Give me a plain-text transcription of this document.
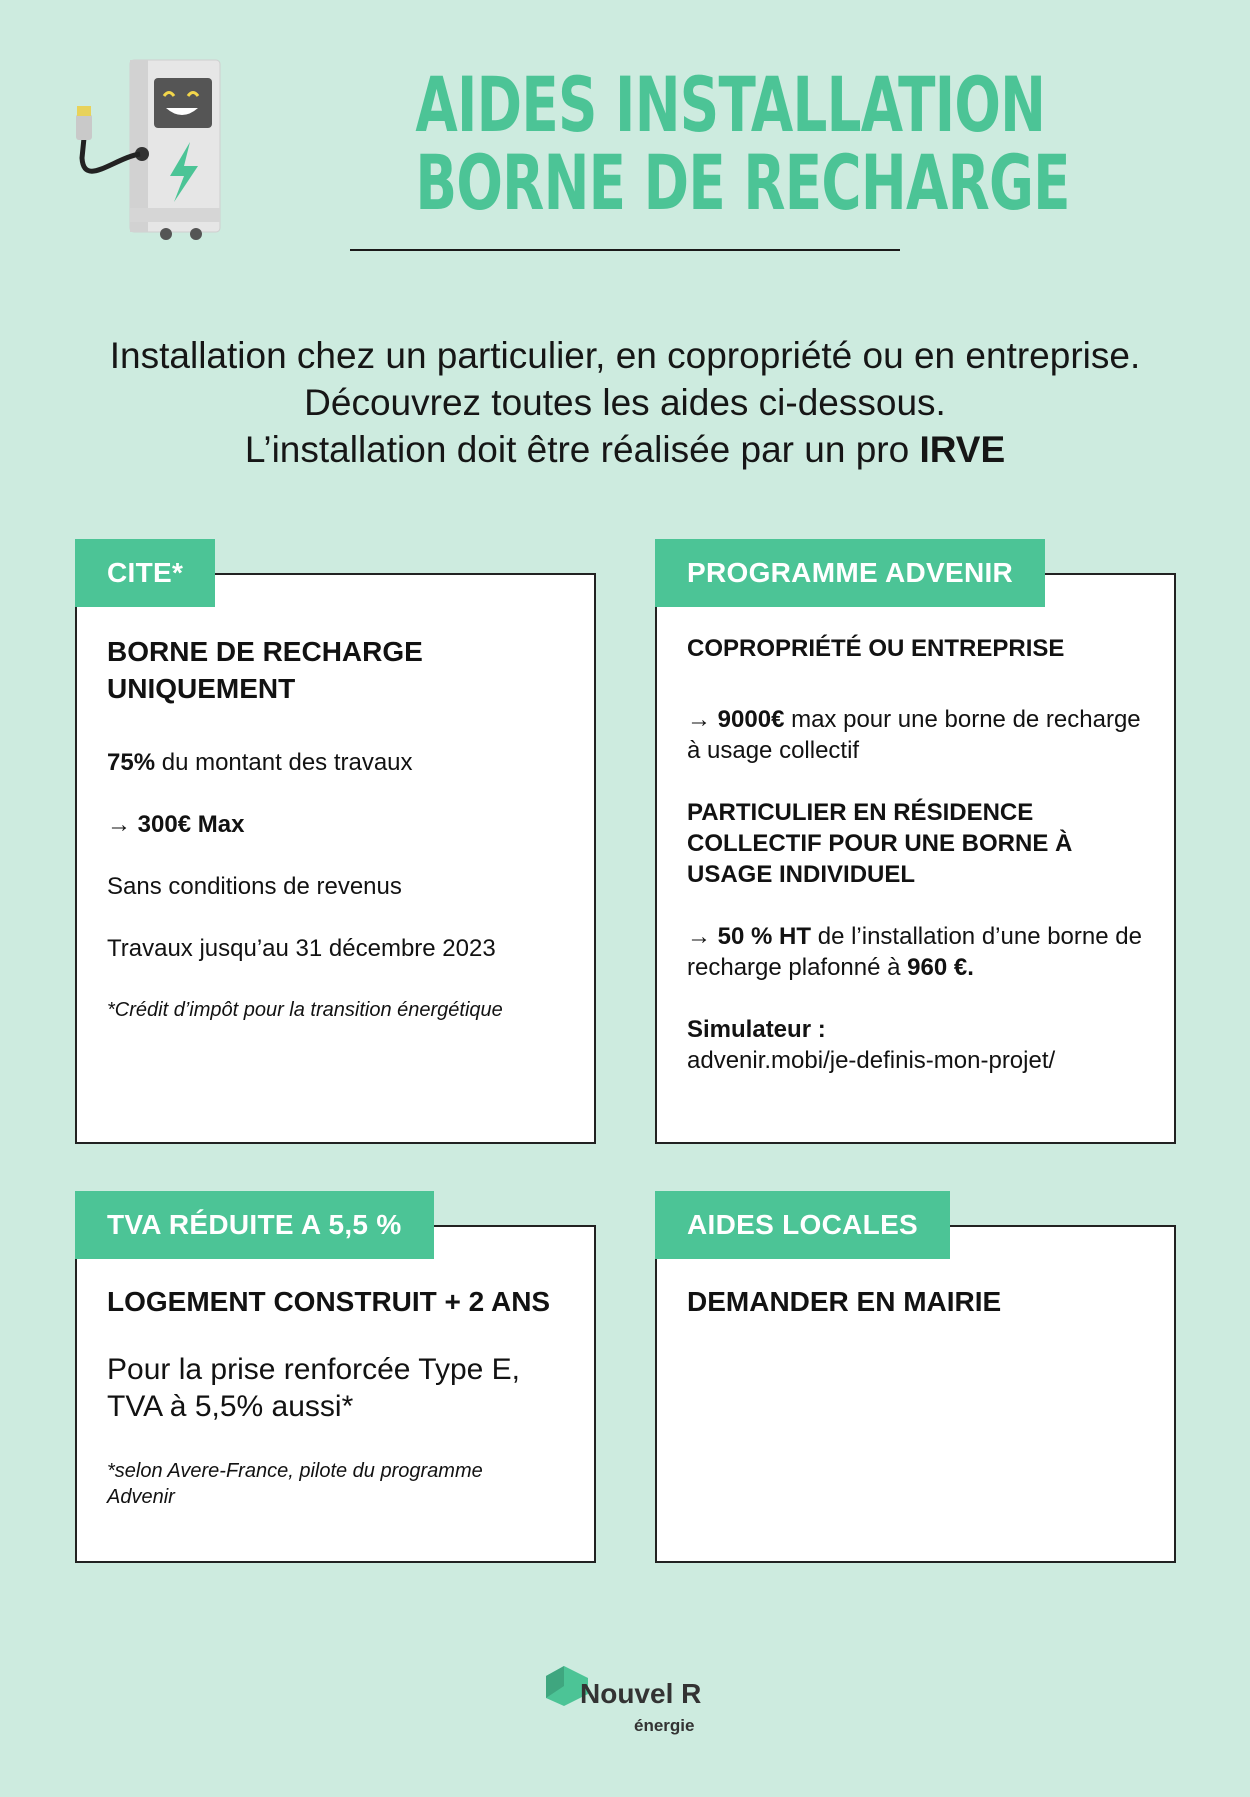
AIDES INSTALLATION
BORNE DE RECHARGE
Installation chez un particulier, en copropriété ou en entreprise.
Découvrez toutes les aides ci-dessous.
L’installation doit être réalisée par un pro IRVE

BORNE DE RECHARGE UNIQUEMENT

75% du montant des travaux

→ 300€ Max

Sans conditions de revenus

Travaux jusqu’au 31 décembre 2023

*Crédit d’impôt pour la transition énergétique

CITE*

COPROPRIÉTÉ OU ENTREPRISE

→ 9000€ max pour une borne de recharge à usage collectif

PARTICULIER EN RÉSIDENCE COLLECTIF POUR UNE BORNE À USAGE INDIVIDUEL

→ 50 % HT de l’installation d’une borne de recharge plafonné à 960 €.

Simulateur :
advenir.mobi/je-definis-mon-projet/

PROGRAMME ADVENIR

LOGEMENT CONSTRUIT + 2 ANS

Pour la prise renforcée Type E, TVA à 5,5% aussi*

*selon Avere-France, pilote du programme Advenir

TVA RÉDUITE A 5,5 %

DEMANDER EN MAIRIE

AIDES LOCALES
Nouvel R
énergie
